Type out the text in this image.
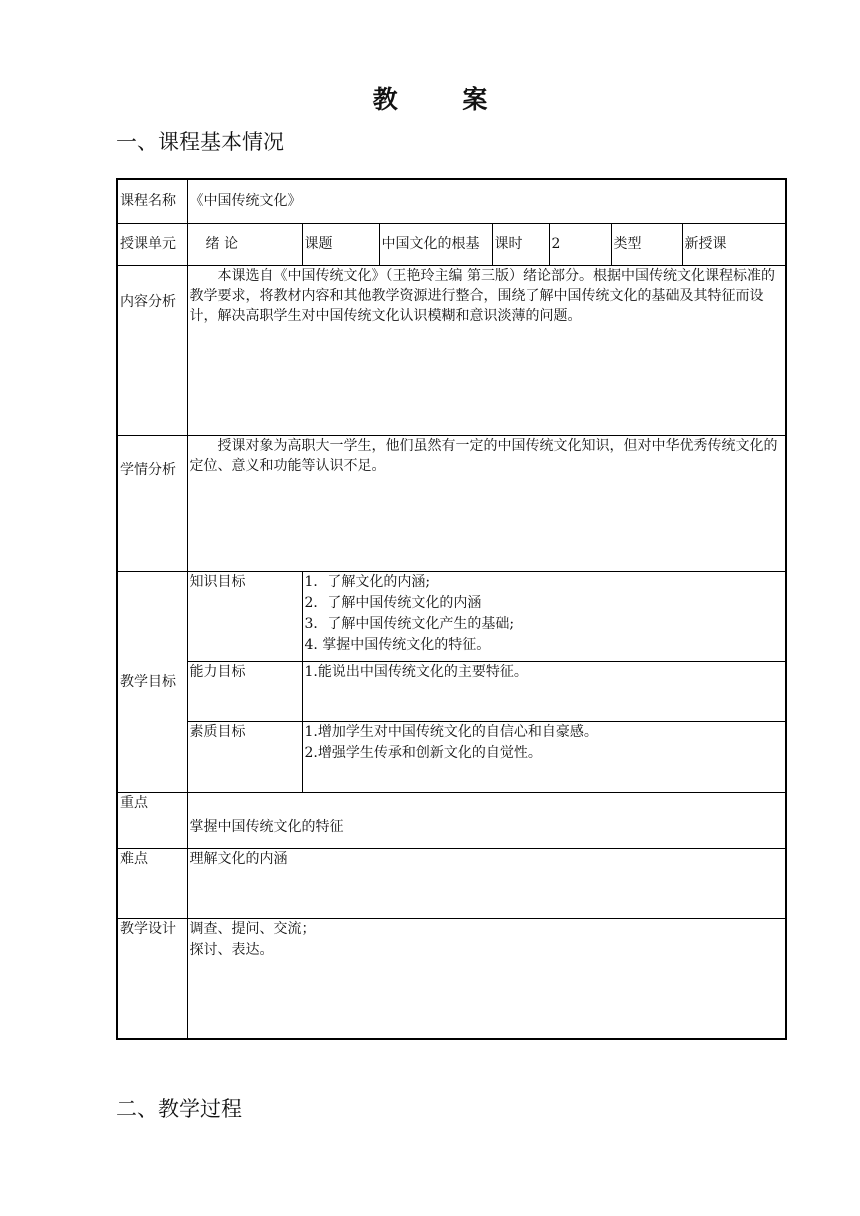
教 案
一、课程基本情况
课程名称	《中国传统文化》						
授课单元	绪 论	课题	中国文化的根基	课时	2	类型	新授课
内容分析	本课选自《中国传统文化》（王艳玲主编 第三版）绪论部分。根据中国传统文化课程标准的教学要求，将教材内容和其他教学资源进行整合，围绕了解中国传统文化的基础及其特征而设计，解决高职学生对中国传统文化认识模糊和意识淡薄的问题。						

学情分析	授课对象为高职大一学生，他们虽然有一定的中国传统文化知识，但对中华优秀传统文化的定位、意义和功能等认识不足。						

教学目标	知识目标	1．了解文化的内涵;
2．了解中国传统文化的内涵
3．了解中国传统文化产生的基础;
4. 掌握中国传统文化的特征。					

	能力目标	1.能说出中国传统文化的主要特征。					

	素质目标	1.增加学生对中国传统文化的自信心和自豪感。
2.增强学生传承和创新文化的自觉性。					

重点	掌握中国传统文化的特征						
难点	理解文化的内涵						
教学设计	调查、提问、交流；
探讨、表达。						
二、教学过程
